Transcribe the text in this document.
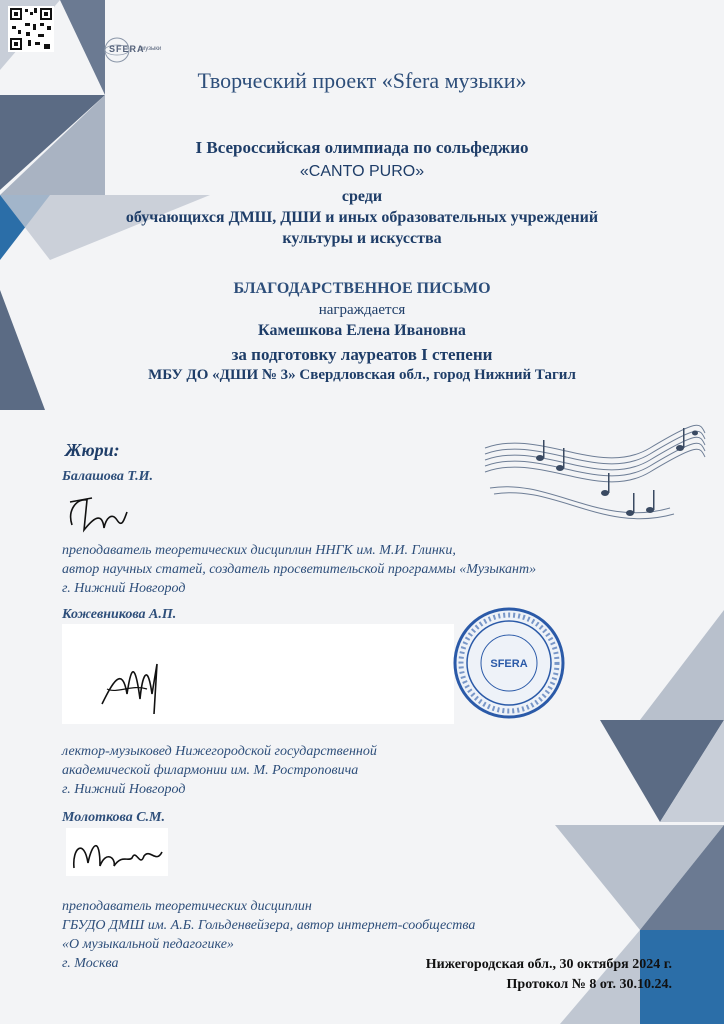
SFERA
музыки
Творческий проект «Sfera музыки»
I Всероссийская олимпиада по сольфеджио
«CANTO PURO»
среди
обучающихся ДМШ, ДШИ и иных образовательных учреждений
культуры и искусства
БЛАГОДАРСТВЕННОЕ ПИСЬМО
награждается
Камешкова Елена Ивановна
за подготовку лауреатов I степени
МБУ ДО «ДШИ № 3» Свердловская обл., город Нижний Тагил
Жюри:
Балашова Т.И.
преподаватель теоретических дисциплин ННГК им. М.И. Глинки,
автор научных статей, создатель просветительской программы «Музыкант»
г. Нижний Новгород
Кожевникова А.П.
SFERA
лектор-музыковед Нижегородской государственной
академической филармонии им. М. Ростроповича
г. Нижний Новгород
Молоткова С.М.
преподаватель теоретических дисциплин
ГБУДО ДМШ им. А.Б. Гольденвейзера, автор интернет-сообщества
«О музыкальной педагогике»
г. Москва	Нижегородская обл., 30 октября 2024 г.
Протокол № 8 от. 30.10.24.
